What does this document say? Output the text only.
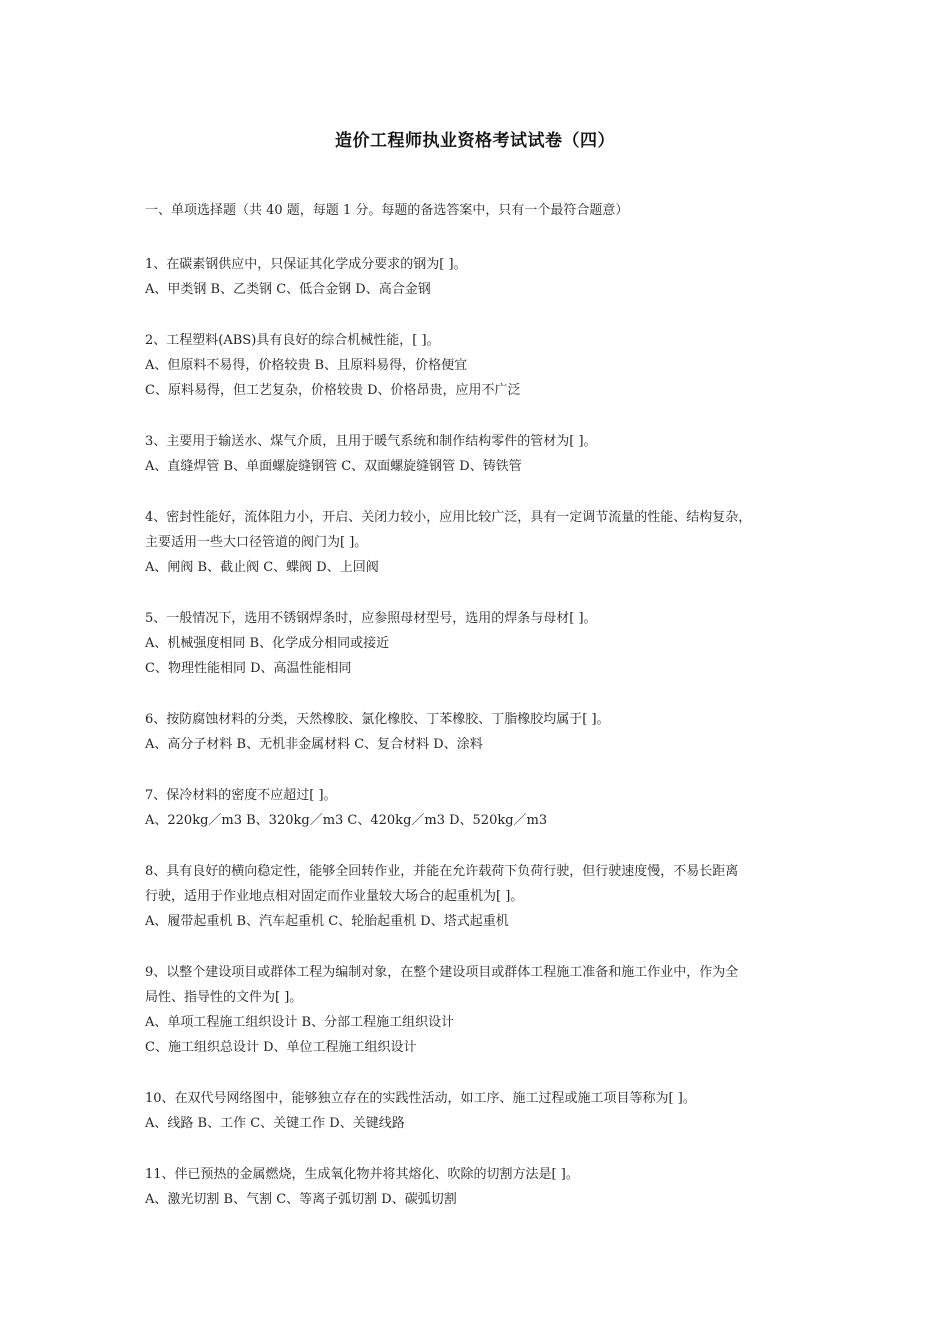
造价工程师执业资格考试试卷（四）
一、单项选择题（共 40 题，每题 1 分。每题的备选答案中，只有一个最符合题意）
1、在碳素钢供应中，只保证其化学成分要求的钢为[ ]。
A、甲类钢 B、乙类钢 C、低合金钢 D、高合金钢
2、工程塑料(ABS)具有良好的综合机械性能，[ ]。
A、但原料不易得，价格较贵 B、且原料易得，价格便宜
C、原料易得，但工艺复杂，价格较贵 D、价格昂贵，应用不广泛
3、主要用于输送水、煤气介质，且用于暖气系统和制作结构零件的管材为[ ]。
A、直缝焊管 B、单面螺旋缝钢管 C、双面螺旋缝钢管 D、铸铁管
4、密封性能好，流体阻力小，开启、关闭力较小，应用比较广泛，具有一定调节流量的性能、结构复杂，
主要适用一些大口径管道的阀门为[ ]。
A、闸阀 B、截止阀 C、蝶阀 D、上回阀
5、一般情况下，选用不锈钢焊条时，应参照母材型号，选用的焊条与母材[ ]。
A、机械强度相同 B、化学成分相同或接近
C、物理性能相同 D、高温性能相同
6、按防腐蚀材料的分类，天然橡胶、氯化橡胶、丁苯橡胶、丁脂橡胶均属于[ ]。
A、高分子材料 B、无机非金属材料 C、复合材料 D、涂料
7、保冷材料的密度不应超过[ ]。
A、220kg／m3 B、320kg／m3 C、420kg／m3 D、520kg／m3
8、具有良好的横向稳定性，能够全回转作业，并能在允许载荷下负荷行驶，但行驶速度慢，不易长距离
行驶，适用于作业地点相对固定而作业量较大场合的起重机为[ ]。
A、履带起重机 B、汽车起重机 C、轮胎起重机 D、塔式起重机
9、以整个建设项目或群体工程为编制对象，在整个建设项目或群体工程施工准备和施工作业中，作为全
局性、指导性的文件为[ ]。
A、单项工程施工组织设计 B、分部工程施工组织设计
C、施工组织总设计 D、单位工程施工组织设计
10、在双代号网络图中，能够独立存在的实践性活动，如工序、施工过程或施工项目等称为[ ]。
A、线路 B、工作 C、关键工作 D、关键线路
11、伴已预热的金属燃烧，生成氧化物并将其熔化、吹除的切割方法是[ ]。
A、激光切割 B、气割 C、等离子弧切割 D、碳弧切割
